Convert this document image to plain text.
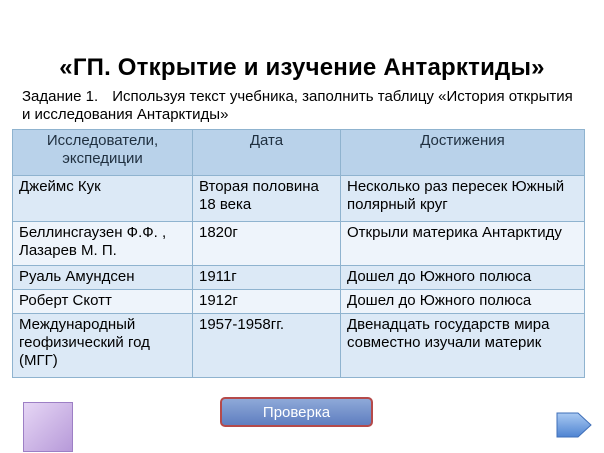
«ГП. Открытие и изучение Антарктиды»
Задание 1. Используя текст учебника, заполнить таблицу «История открытия и исследования Антарктиды»
Исследователи, экспедиции	Дата	Достижения
Джеймс Кук	Вторая половина 18 века	Несколько раз пересек Южный полярный круг
Беллинсгаузен Ф.Ф. , Лазарев М. П.	1820г	Открыли материка Антарктиду
Руаль Амундсен	1911г	Дошел до Южного полюса
Роберт Скотт	1912г	Дошел до Южного полюса
Международный геофизический год (МГГ)	1957-1958гг.	Двенадцать государств мира совместно изучали материк
Проверка
